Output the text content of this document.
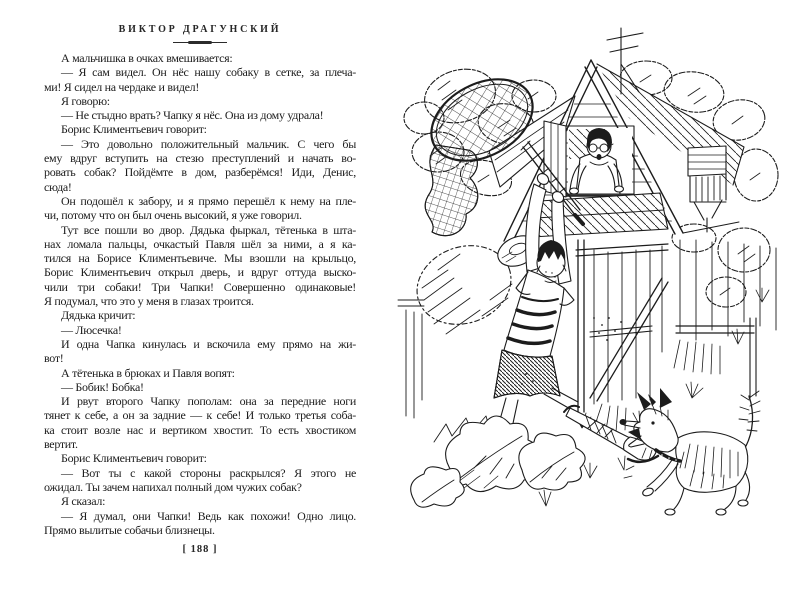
ВИКТОР ДРАГУНСКИЙ
А мальчишка в очках вмешивается:
— Я сам видел. Он нёс нашу собаку в сетке, за плеча-
ми! Я сидел на чердаке и видел!
Я говорю:
— Не стыдно врать? Чапку я нёс. Она из дому удрала!
Борис Климентьевич говорит:
— Это довольно положительный мальчик. С чего бы
ему вдруг вступить на стезю преступлений и начать во-
ровать собак? Пойдёмте в дом, разберёмся! Иди, Денис,
сюда!
Он подошёл к забору, и я прямо перешёл к нему на пле-
чи, потому что он был очень высокий, я уже говорил.
Тут все пошли во двор. Дядька фыркал, тётенька в шта-
нах ломала пальцы, очкастый Павля шёл за ними, а я ка-
тился на Борисе Климентьевиче. Мы взошли на крыльцо,
Борис Климентьевич открыл дверь, и вдруг оттуда выско-
чили три собаки! Три Чапки! Совершенно одинаковые!
Я подумал, что это у меня в глазах троится.
Дядька кричит:
— Люсечка!
И одна Чапка кинулась и вскочила ему прямо на жи-
вот!
А тётенька в брюках и Павля вопят:
— Бобик! Бобка!
И рвут второго Чапку пополам: она за передние ноги
тянет к себе, а он за задние — к себе! И только третья соба-
ка стоит возле нас и вертиком хвостит. То есть хвостиком
вертит.
Борис Климентьевич говорит:
— Вот ты с какой стороны раскрылся? Я этого не
ожидал. Ты зачем напихал полный дом чужих собак?
Я сказал:
— Я думал, они Чапки! Ведь как похожи! Одно лицо.
Прямо вылитые собачьи близнецы.
[ 188 ]
